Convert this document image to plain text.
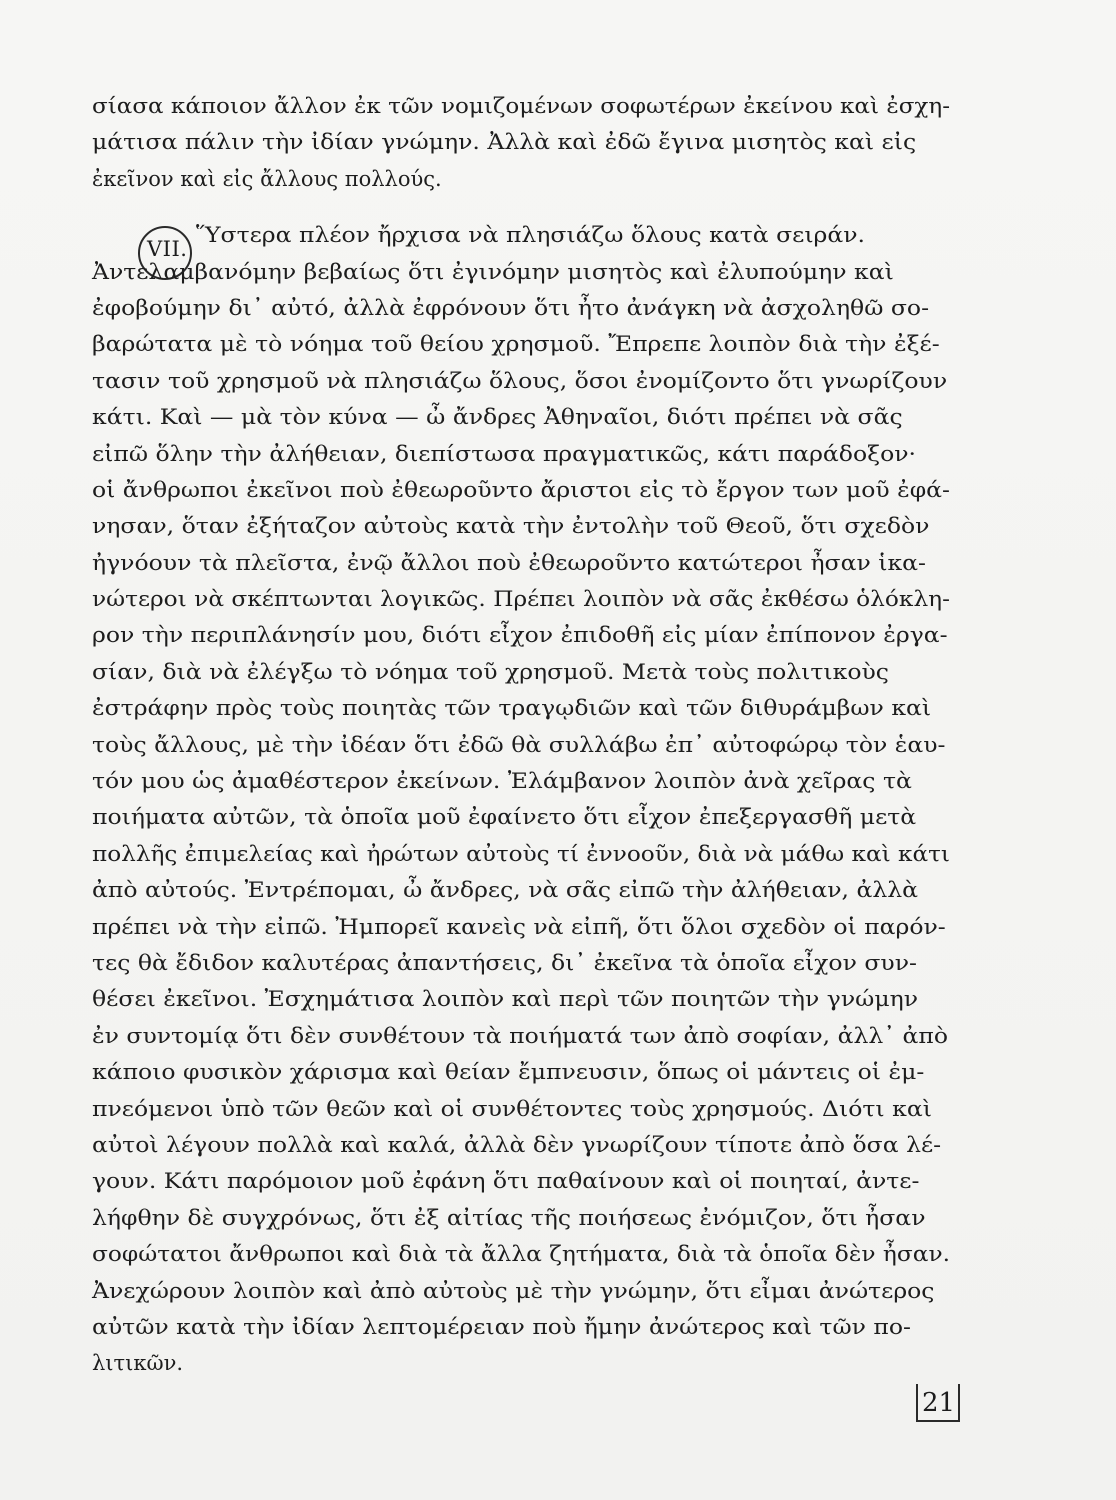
VII.
σίασα κάποιον ἄλλον ἐκ τῶν νομιζομένων σοφωτέρων ἐκείνου καὶ ἐσχη-
μάτισα πάλιν τὴν ἰδίαν γνώμην. Ἀλλὰ καὶ ἐδῶ ἔγινα μισητὸς καὶ εἰς
ἐκεῖνον καὶ εἰς ἄλλους πολλούς.
Ὕστερα πλέον ἤρχισα νὰ πλησιάζω ὅλους κατὰ σειράν.
Ἀντελαμβανόμην βεβαίως ὅτι ἐγινόμην μισητὸς καὶ ἐλυπούμην καὶ
ἐφοβούμην δι᾽ αὐτό, ἀλλὰ ἐφρόνουν ὅτι ἦτο ἀνάγκη νὰ ἀσχοληθῶ σο-
βαρώτατα μὲ τὸ νόημα τοῦ θείου χρησμοῦ. Ἔπρεπε λοιπὸν διὰ τὴν ἐξέ-
τασιν τοῦ χρησμοῦ νὰ πλησιάζω ὅλους, ὅσοι ἐνομίζοντο ὅτι γνωρίζουν
κάτι. Καὶ — μὰ τὸν κύνα — ὦ ἄνδρες Ἀθηναῖοι, διότι πρέπει νὰ σᾶς
εἰπῶ ὅλην τὴν ἀλήθειαν, διεπίστωσα πραγματικῶς, κάτι παράδοξον·
οἱ ἄνθρωποι ἐκεῖνοι ποὺ ἐθεωροῦντο ἄριστοι εἰς τὸ ἔργον των μοῦ ἐφά-
νησαν, ὅταν ἐξήταζον αὐτοὺς κατὰ τὴν ἐντολὴν τοῦ Θεοῦ, ὅτι σχεδὸν
ἠγνόουν τὰ πλεῖστα, ἐνῷ ἄλλοι ποὺ ἐθεωροῦντο κατώτεροι ἦσαν ἱκα-
νώτεροι νὰ σκέπτωνται λογικῶς. Πρέπει λοιπὸν νὰ σᾶς ἐκθέσω ὁλόκλη-
ρον τὴν περιπλάνησίν μου, διότι εἶχον ἐπιδοθῆ εἰς μίαν ἐπίπονον ἐργα-
σίαν, διὰ νὰ ἐλέγξω τὸ νόημα τοῦ χρησμοῦ. Μετὰ τοὺς πολιτικοὺς
ἐστράφην πρὸς τοὺς ποιητὰς τῶν τραγῳδιῶν καὶ τῶν διθυράμβων καὶ
τοὺς ἄλλους, μὲ τὴν ἰδέαν ὅτι ἐδῶ θὰ συλλάβω ἐπ᾽ αὐτοφώρῳ τὸν ἑαυ-
τόν μου ὡς ἀμαθέστερον ἐκείνων. Ἐλάμβανον λοιπὸν ἀνὰ χεῖρας τὰ
ποιήματα αὐτῶν, τὰ ὁποῖα μοῦ ἐφαίνετο ὅτι εἶχον ἐπεξεργασθῆ μετὰ
πολλῆς ἐπιμελείας καὶ ἠρώτων αὐτοὺς τί ἐννοοῦν, διὰ νὰ μάθω καὶ κάτι
ἀπὸ αὐτούς. Ἐντρέπομαι, ὦ ἄνδρες, νὰ σᾶς εἰπῶ τὴν ἀλήθειαν, ἀλλὰ
πρέπει νὰ τὴν εἰπῶ. Ἠμπορεῖ κανεὶς νὰ εἰπῆ, ὅτι ὅλοι σχεδὸν οἱ παρόν-
τες θὰ ἔδιδον καλυτέρας ἀπαντήσεις, δι᾽ ἐκεῖνα τὰ ὁποῖα εἶχον συν-
θέσει ἐκεῖνοι. Ἐσχημάτισα λοιπὸν καὶ περὶ τῶν ποιητῶν τὴν γνώμην
ἐν συντομίᾳ ὅτι δὲν συνθέτουν τὰ ποιήματά των ἀπὸ σοφίαν, ἀλλ᾽ ἀπὸ
κάποιο φυσικὸν χάρισμα καὶ θείαν ἔμπνευσιν, ὅπως οἱ μάντεις οἱ ἐμ-
πνεόμενοι ὑπὸ τῶν θεῶν καὶ οἱ συνθέτοντες τοὺς χρησμούς. Διότι καὶ
αὐτοὶ λέγουν πολλὰ καὶ καλά, ἀλλὰ δὲν γνωρίζουν τίποτε ἀπὸ ὅσα λέ-
γουν. Κάτι παρόμοιον μοῦ ἐφάνη ὅτι παθαίνουν καὶ οἱ ποιηταί, ἀντε-
λήφθην δὲ συγχρόνως, ὅτι ἐξ αἰτίας τῆς ποιήσεως ἐνόμιζον, ὅτι ἦσαν
σοφώτατοι ἄνθρωποι καὶ διὰ τὰ ἄλλα ζητήματα, διὰ τὰ ὁποῖα δὲν ἦσαν.
Ἀνεχώρουν λοιπὸν καὶ ἀπὸ αὐτοὺς μὲ τὴν γνώμην, ὅτι εἶμαι ἀνώτερος
αὐτῶν κατὰ τὴν ἰδίαν λεπτομέρειαν ποὺ ἤμην ἀνώτερος καὶ τῶν πο-
λιτικῶν.
21
